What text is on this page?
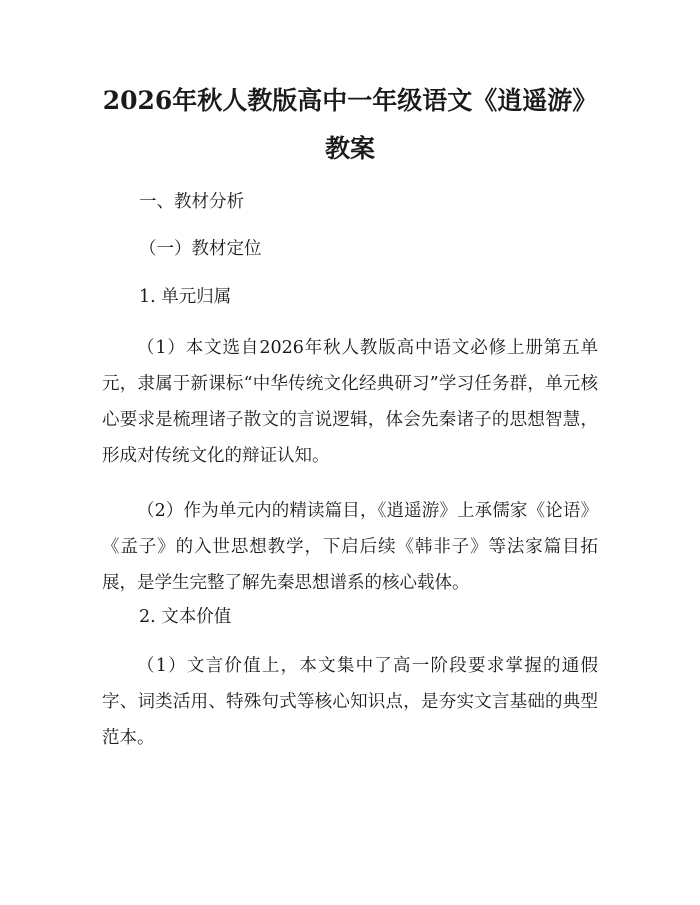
2026年秋人教版高中一年级语文《逍遥游》
教案
一、教材分析
（一）教材定位
1. 单元归属

（1）本文选自2026年秋人教版高中语文必修上册第五单元，隶属于新课标“中华传统文化经典研习”学习任务群，单元核心要求是梳理诸子散文的言说逻辑，体会先秦诸子的思想智慧，形成对传统文化的辩证认知。

（2）作为单元内的精读篇目，《逍遥游》上承儒家《论语》《孟子》的入世思想教学，下启后续《韩非子》等法家篇目拓展，是学生完整了解先秦思想谱系的核心载体。

2. 文本价值

（1）文言价值上，本文集中了高一阶段要求掌握的通假字、词类活用、特殊句式等核心知识点，是夯实文言基础的典型范本。
